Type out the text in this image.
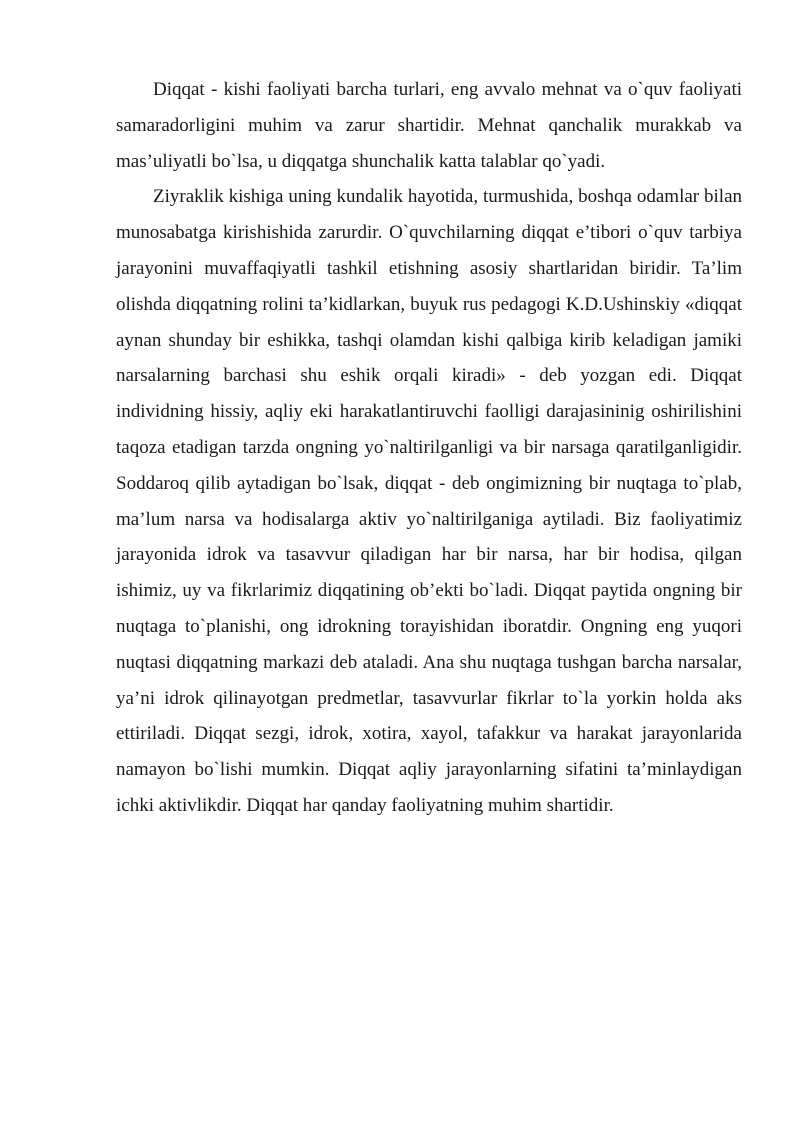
Diqqat - kishi faoliyati barcha turlari, eng avvalo mehnat va o`quv faoliyati samaradorligini muhim va zarur shartidir. Mehnat qanchalik murakkab va mas’uliyatli bo`lsa, u diqqatga shunchalik katta talablar qo`yadi.

Ziyraklik kishiga uning kundalik hayotida, turmushida, boshqa odamlar bilan munosabatga kirishishida zarurdir. O`quvchilarning diqqat e’tibori o`quv tarbiya jarayonini muvaffaqiyatli tashkil etishning asosiy shartlaridan biridir. Ta’lim olishda diqqatning rolini ta’kidlarkan, buyuk rus pedagogi K.D.Ushinskiy «diqqat aynan shunday bir eshikka, tashqi olamdan kishi qalbiga kirib keladigan jamiki narsalarning barchasi shu eshik orqali kiradi» - deb yozgan edi. Diqqat individning hissiy, aqliy eki harakatlantiruvchi faolligi darajasininig oshirilishini taqoza etadigan tarzda ongning yo`naltirilganligi va bir narsaga qaratilganligidir. Soddaroq qilib aytadigan bo`lsak, diqqat - deb ongimizning bir nuqtaga to`plab, ma’lum narsa va hodisalarga aktiv yo`naltirilganiga aytiladi. Biz faoliyatimiz jarayonida idrok va tasavvur qiladigan har bir narsa, har bir hodisa, qilgan ishimiz, uy va fikrlarimiz diqqatining ob’ekti bo`ladi. Diqqat paytida ongning bir nuqtaga to`planishi, ong idrokning torayishidan iboratdir. Ongning eng yuqori nuqtasi diqqatning markazi deb ataladi. Ana shu nuqtaga tushgan barcha narsalar, ya’ni idrok qilinayotgan predmetlar, tasavvurlar fikrlar to`la yorkin holda aks ettiriladi. Diqqat sezgi, idrok, xotira, xayol, tafakkur va harakat jarayonlarida namayon bo`lishi mumkin. Diqqat aqliy jarayonlarning sifatini ta’minlaydigan ichki aktivlikdir. Diqqat har qanday faoliyatning muhim shartidir.
